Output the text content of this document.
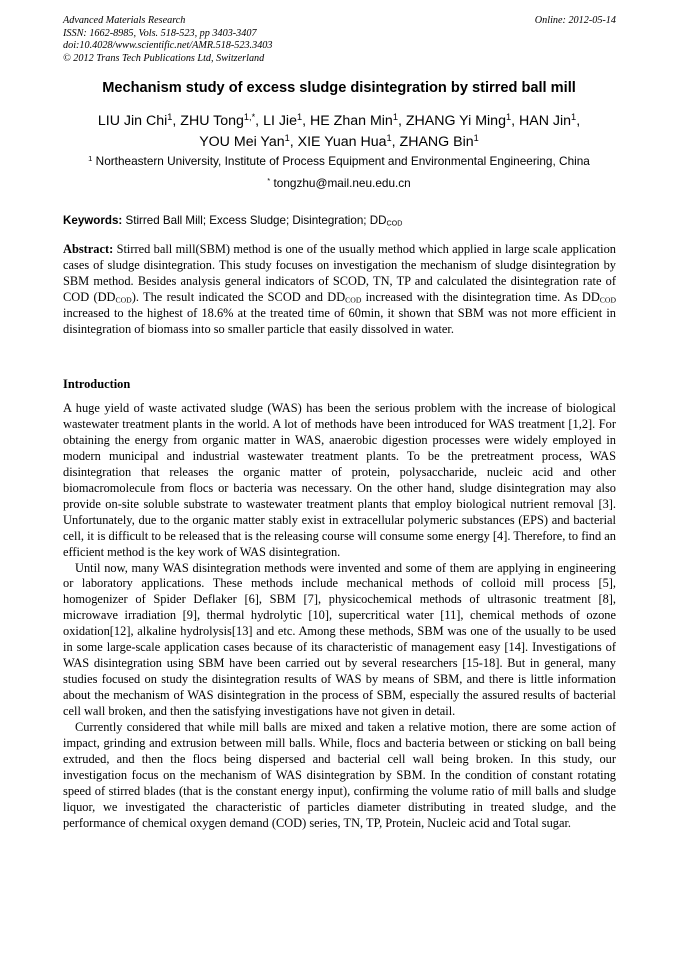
Advanced Materials Research
ISSN: 1662-8985, Vols. 518-523, pp 3403-3407
doi:10.4028/www.scientific.net/AMR.518-523.3403
© 2012 Trans Tech Publications Ltd, Switzerland
Online: 2012-05-14
Mechanism study of excess sludge disintegration by stirred ball mill
LIU Jin Chi$^1$, ZHU Tong$^{1,*}$, LI Jie$^1$, HE Zhan Min$^1$, ZHANG Yi Ming$^1$, HAN Jin$^1$,
YOU Mei Yan$^1$, XIE Yuan Hua$^1$, ZHANG Bin$^1$
$^1$ Northeastern University, Institute of Process Equipment and Environmental Engineering, China
* tongzhu@mail.neu.edu.cn
Keywords: Stirred Ball Mill; Excess Sludge; Disintegration; $DD_{COD}$
Abstract: Stirred ball mill(SBM) method is one of the usually method which applied in large scale application cases of sludge disintegration. This study focuses on investigation the mechanism of sludge disintegration by SBM method. Besides analysis general indicators of SCOD, TN, TP and calculated the disintegration rate of COD $(DD_{COD})$. The result indicated the SCOD and $DD_{COD}$ increased with the disintegration time. As $DD_{COD}$ increased to the highest of 18.6% at the treated time of 60min, it shown that SBM was not more efficient in disintegration of biomass into so smaller particle that easily dissolved in water.
Introduction

A huge yield of waste activated sludge (WAS) has been the serious problem with the increase of biological wastewater treatment plants in the world. A lot of methods have been introduced for WAS treatment [1,2]. For obtaining the energy from organic matter in WAS, anaerobic digestion processes were widely employed in modern municipal and industrial wastewater treatment plants. To be the pretreatment process, WAS disintegration that releases the organic matter of protein, polysaccharide, nucleic acid and other biomacromolecule from flocs or bacteria was necessary. On the other hand, sludge disintegration may also provide on-site soluble substrate to wastewater treatment plants that employ biological nutrient removal [3]. Unfortunately, due to the organic matter stably exist in extracellular polymeric substances (EPS) and bacterial cell, it is difficult to be released that is the releasing course will consume some energy [4]. Therefore, to find an efficient method is the key work of WAS disintegration.

Until now, many WAS disintegration methods were invented and some of them are applying in engineering or laboratory applications. These methods include mechanical methods of colloid mill process [5], homogenizer of Spider Deflaker [6], SBM [7], physicochemical methods of ultrasonic treatment [8], microwave irradiation [9], thermal hydrolytic [10], supercritical water [11], chemical methods of ozone oxidation[12], alkaline hydrolysis[13] and etc. Among these methods, SBM was one of the usually to be used in some large-scale application cases because of its characteristic of management easy [14]. Investigations of WAS disintegration using SBM have been carried out by several researchers [15-18]. But in general, many studies focused on study the disintegration results of WAS by means of SBM, and there is little information about the mechanism of WAS disintegration in the process of SBM, especially the assured results of bacterial cell wall broken, and then the satisfying investigations have not given in detail.

Currently considered that while mill balls are mixed and taken a relative motion, there are some action of impact, grinding and extrusion between mill balls. While, flocs and bacteria between or sticking on ball being extruded, and then the flocs being dispersed and bacterial cell wall being broken. In this study, our investigation focus on the mechanism of WAS disintegration by SBM. In the condition of constant rotating speed of stirred blades (that is the constant energy input), confirming the volume ratio of mill balls and sludge liquor, we investigated the characteristic of particles diameter distributing in treated sludge, and the performance of chemical oxygen demand (COD) series, TN, TP, Protein, Nucleic acid and Total sugar.
